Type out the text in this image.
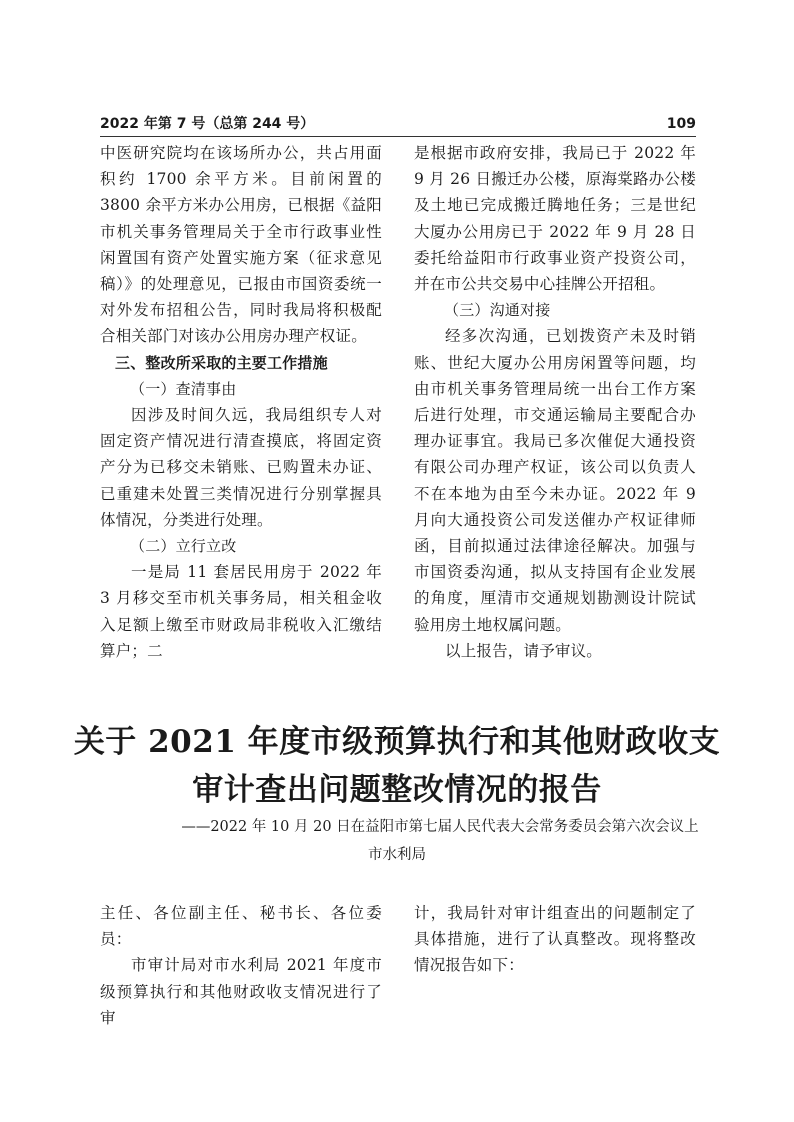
2022 年第 7 号（总第 244 号）	109

中医研究院均在该场所办公，共占用面积约 1700 余平方米。目前闲置的 3800 余平方米办公用房，已根据《益阳市机关事务管理局关于全市行政事业性闲置国有资产处置实施方案（征求意见稿）》的处理意见，已报由市国资委统一对外发布招租公告，同时我局将积极配合相关部门对该办公用房办理产权证。

三、整改所采取的主要工作措施

（一）查清事由

因涉及时间久远，我局组织专人对固定资产情况进行清查摸底，将固定资产分为已移交未销账、已购置未办证、已重建未处置三类情况进行分别掌握具体情况，分类进行处理。

（二）立行立改

一是局 11 套居民用房于 2022 年 3 月移交至市机关事务局，相关租金收入足额上缴至市财政局非税收入汇缴结算户；二

是根据市政府安排，我局已于 2022 年 9 月 26 日搬迁办公楼，原海棠路办公楼及土地已完成搬迁腾地任务；三是世纪大厦办公用房已于 2022 年 9 月 28 日委托给益阳市行政事业资产投资公司，并在市公共交易中心挂牌公开招租。

（三）沟通对接

经多次沟通，已划拨资产未及时销账、世纪大厦办公用房闲置等问题，均由市机关事务管理局统一出台工作方案后进行处理，市交通运输局主要配合办理办证事宜。我局已多次催促大通投资有限公司办理产权证，该公司以负责人不在本地为由至今未办证。2022 年 9 月向大通投资公司发送催办产权证律师函，目前拟通过法律途径解决。加强与市国资委沟通，拟从支持国有企业发展的角度，厘清市交通规划勘测设计院试验用房土地权属问题。

以上报告，请予审议。

关于 2021 年度市级预算执行和其他财政收支
审计查出问题整改情况的报告

——2022 年 10 月 20 日在益阳市第七届人民代表大会常务委员会第六次会议上

市水利局

主任、各位副主任、秘书长、各位委员：

市审计局对市水利局 2021 年度市级预算执行和其他财政收支情况进行了审

计，我局针对审计组查出的问题制定了具体措施，进行了认真整改。现将整改情况报告如下：
